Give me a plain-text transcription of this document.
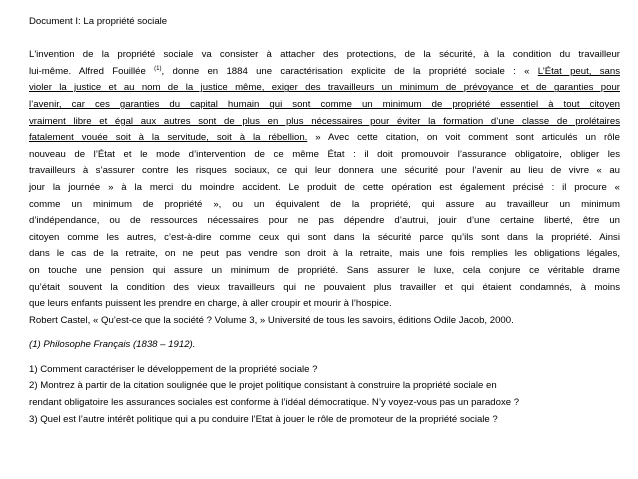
Document I: La propriété sociale

L'invention de la propriété sociale va consister à attacher des protections, de la sécurité, à la condition du travailleur

lui-même. Alfred Fouillée $^{(1)}$, donne en 1884 une caractérisation explicite de la propriété sociale : « L’État peut, sans

violer la justice et au nom de la justice même, exiger des travailleurs un minimum de prévoyance et de garanties pour

l’avenir, car ces garanties du capital humain qui sont comme un minimum de propriété essentiel à tout citoyen

vraiment libre et égal aux autres sont de plus en plus nécessaires pour éviter la formation d’une classe de prolétaires

fatalement vouée soit à la servitude, soit à la rébellion. » Avec cette citation, on voit comment sont articulés un rôle

nouveau de l’État et le mode d’intervention de ce même État : il doit promouvoir l’assurance obligatoire, obliger les

travailleurs à s’assurer contre les risques sociaux, ce qui leur donnera une sécurité pour l’avenir au lieu de vivre « au

jour la journée » à la merci du moindre accident. Le produit de cette opération est également précisé : il procure «

comme un minimum de propriété », ou un équivalent de la propriété, qui assure au travailleur un minimum

d’indépendance, ou de ressources nécessaires pour ne pas dépendre d’autrui, jouir d’une certaine liberté, être un

citoyen comme les autres, c’est-à-dire comme ceux qui sont dans la sécurité parce qu’ils sont dans la propriété. Ainsi

dans le cas de la retraite, on ne peut pas vendre son droit à la retraite, mais une fois remplies les obligations légales,

on touche une pension qui assure un minimum de propriété. Sans assurer le luxe, cela conjure ce véritable drame

qu’était souvent la condition des vieux travailleurs qui ne pouvaient plus travailler et qui étaient condamnés, à moins

que leurs enfants puissent les prendre en charge, à aller croupir et mourir à l’hospice.

Robert Castel, « Qu’est-ce que la société ? Volume 3, » Université de tous les savoirs, éditions Odile Jacob, 2000.

(1) Philosophe Français (1838 – 1912).

1) Comment caractériser le développement de la propriété sociale ?

2) Montrez à partir de la citation soulignée que le projet politique consistant à construire la propriété sociale en

rendant obligatoire les assurances sociales est conforme à l’idéal démocratique. N’y voyez-vous pas un paradoxe ?

3) Quel est l’autre intérêt politique qui a pu conduire l’Etat à jouer le rôle de promoteur de la propriété sociale ?
